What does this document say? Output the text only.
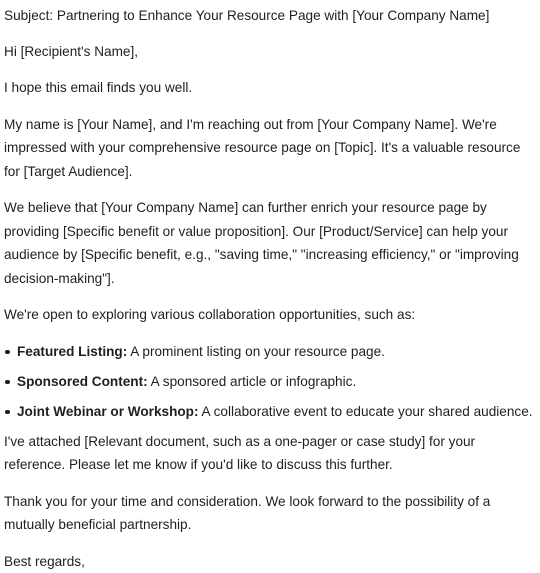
Subject: Partnering to Enhance Your Resource Page with [Your Company Name]

Hi [Recipient's Name],

I hope this email finds you well.

My name is [Your Name], and I'm reaching out from [Your Company Name]. We're impressed with your comprehensive resource page on [Topic]. It's a valuable resource for [Target Audience].

We believe that [Your Company Name] can further enrich your resource page by providing [Specific benefit or value proposition]. Our [Product/Service] can help your audience by [Specific benefit, e.g., "saving time," "increasing efficiency," or "improving decision-making"].

We're open to exploring various collaboration opportunities, such as:

Featured Listing: A prominent listing on your resource page.
Sponsored Content: A sponsored article or infographic.
Joint Webinar or Workshop: A collaborative event to educate your shared audience.

I've attached [Relevant document, such as a one-pager or case study] for your reference. Please let me know if you'd like to discuss this further.

Thank you for your time and consideration. We look forward to the possibility of a mutually beneficial partnership.

Best regards,
